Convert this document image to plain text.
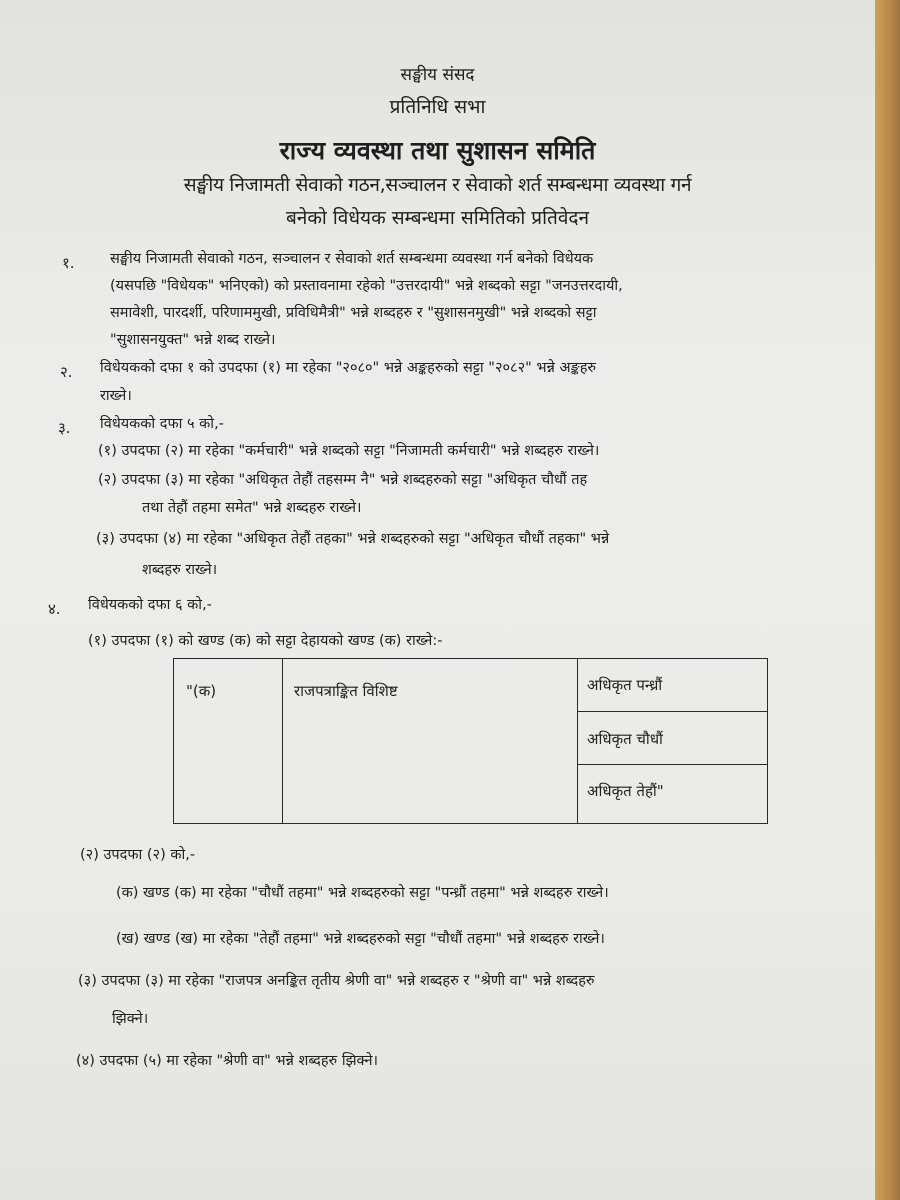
सङ्घीय संसद
प्रतिनिधि सभा
राज्य व्यवस्था तथा सुशासन समिति
सङ्घीय निजामती सेवाको गठन,सञ्चालन र सेवाको शर्त सम्बन्धमा व्यवस्था गर्न
बनेको विधेयक सम्बन्धमा समितिको प्रतिवेदन
१. सङ्घीय निजामती सेवाको गठन, सञ्चालन र सेवाको शर्त सम्बन्धमा व्यवस्था गर्न बनेको विधेयक
(यसपछि "विधेयक" भनिएको) को प्रस्तावनामा रहेको "उत्तरदायी" भन्ने शब्दको सट्टा "जनउत्तरदायी,
समावेशी, पारदर्शी, परिणाममुखी, प्रविधिमैत्री" भन्ने शब्दहरु र "सुशासनमुखी" भन्ने शब्दको सट्टा
"सुशासनयुक्त" भन्ने शब्द राख्ने।
२. विधेयकको दफा १ को उपदफा (१) मा रहेका "२०८०" भन्ने अङ्कहरुको सट्टा "२०८२" भन्ने अङ्कहरु
राख्ने।
३. विधेयकको दफा ५ को,-
(१) उपदफा (२) मा रहेका "कर्मचारी" भन्ने शब्दको सट्टा "निजामती कर्मचारी" भन्ने शब्दहरु राख्ने।
(२) उपदफा (३) मा रहेका "अधिकृत तेहौं तहसम्म नै" भन्ने शब्दहरुको सट्टा "अधिकृत चौधौं तह
तथा तेहौं तहमा समेत" भन्ने शब्दहरु राख्ने।
(३) उपदफा (४) मा रहेका "अधिकृत तेहौं तहका" भन्ने शब्दहरुको सट्टा "अधिकृत चौधौं तहका" भन्ने
शब्दहरु राख्ने।
४. विधेयकको दफा ६ को,-
(१) उपदफा (१) को खण्ड (क) को सट्टा देहायको खण्ड (क) राख्ने:-
"(क)	राजपत्राङ्कित विशिष्ट	अधिकृत पन्ध्रौं
अधिकृत चौधौं
अधिकृत तेहौं"
(२) उपदफा (२) को,-
(क) खण्ड (क) मा रहेका "चौधौं तहमा" भन्ने शब्दहरुको सट्टा "पन्ध्रौं तहमा" भन्ने शब्दहरु राख्ने।
(ख) खण्ड (ख) मा रहेका "तेहौं तहमा" भन्ने शब्दहरुको सट्टा "चौधौं तहमा" भन्ने शब्दहरु राख्ने।
(३) उपदफा (३) मा रहेका "राजपत्र अनङ्कित तृतीय श्रेणी वा" भन्ने शब्दहरु र "श्रेणी वा" भन्ने शब्दहरु
झिक्ने।
(४) उपदफा (५) मा रहेका "श्रेणी वा" भन्ने शब्दहरु झिक्ने।
